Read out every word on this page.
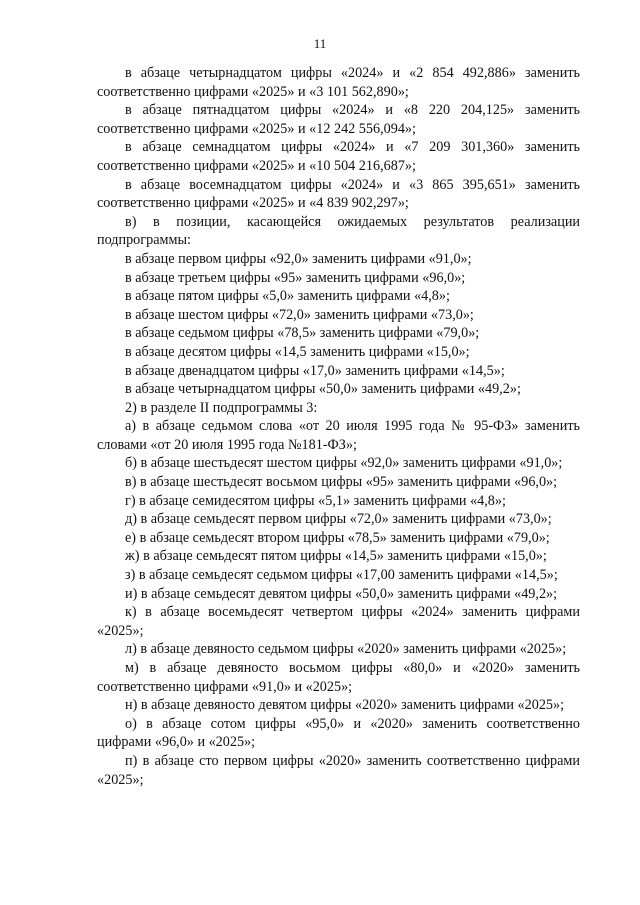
11

в абзаце четырнадцатом цифры «2024» и «2 854 492,886» заменить соответственно цифрами «2025» и «3 101 562,890»;

в абзаце пятнадцатом цифры «2024» и «8 220 204,125» заменить соответственно цифрами «2025» и «12 242 556,094»;

в абзаце семнадцатом цифры «2024» и «7 209 301,360» заменить соответственно цифрами «2025» и «10 504 216,687»;

в абзаце восемнадцатом цифры «2024» и «3 865 395,651» заменить соответственно цифрами «2025» и «4 839 902,297»;

в) в позиции, касающейся ожидаемых результатов реализации подпрограммы:

в абзаце первом цифры «92,0» заменить цифрами «91,0»;

в абзаце третьем цифры «95» заменить цифрами «96,0»;

в абзаце пятом цифры «5,0» заменить цифрами «4,8»;

в абзаце шестом цифры «72,0» заменить цифрами «73,0»;

в абзаце седьмом цифры «78,5» заменить цифрами «79,0»;

в абзаце десятом цифры «14,5 заменить цифрами «15,0»;

в абзаце двенадцатом цифры «17,0» заменить цифрами «14,5»;

в абзаце четырнадцатом цифры «50,0» заменить цифрами «49,2»;

2) в разделе II подпрограммы 3:

а) в абзаце седьмом слова «от 20 июля 1995 года № 95-ФЗ» заменить словами «от 20 июля 1995 года №181-ФЗ»;

б) в абзаце шестьдесят шестом цифры «92,0» заменить цифрами «91,0»;

в) в абзаце шестьдесят восьмом цифры «95» заменить цифрами «96,0»;

г) в абзаце семидесятом цифры «5,1» заменить цифрами «4,8»;

д) в абзаце семьдесят первом цифры «72,0» заменить цифрами «73,0»;

е) в абзаце семьдесят втором цифры «78,5» заменить цифрами «79,0»;

ж) в абзаце семьдесят пятом цифры «14,5» заменить цифрами «15,0»;

з) в абзаце семьдесят седьмом цифры «17,00 заменить цифрами «14,5»;

и) в абзаце семьдесят девятом цифры «50,0» заменить цифрами «49,2»;

к) в абзаце восемьдесят четвертом цифры «2024» заменить цифрами «2025»;

л) в абзаце девяносто седьмом цифры «2020» заменить цифрами «2025»;

м) в абзаце девяносто восьмом цифры «80,0» и «2020» заменить соответственно цифрами «91,0» и «2025»;

н) в абзаце девяносто девятом цифры «2020» заменить цифрами «2025»;

о) в абзаце сотом цифры «95,0» и «2020» заменить соответственно цифрами «96,0» и «2025»;

п) в абзаце сто первом цифры «2020» заменить соответственно цифрами «2025»;
